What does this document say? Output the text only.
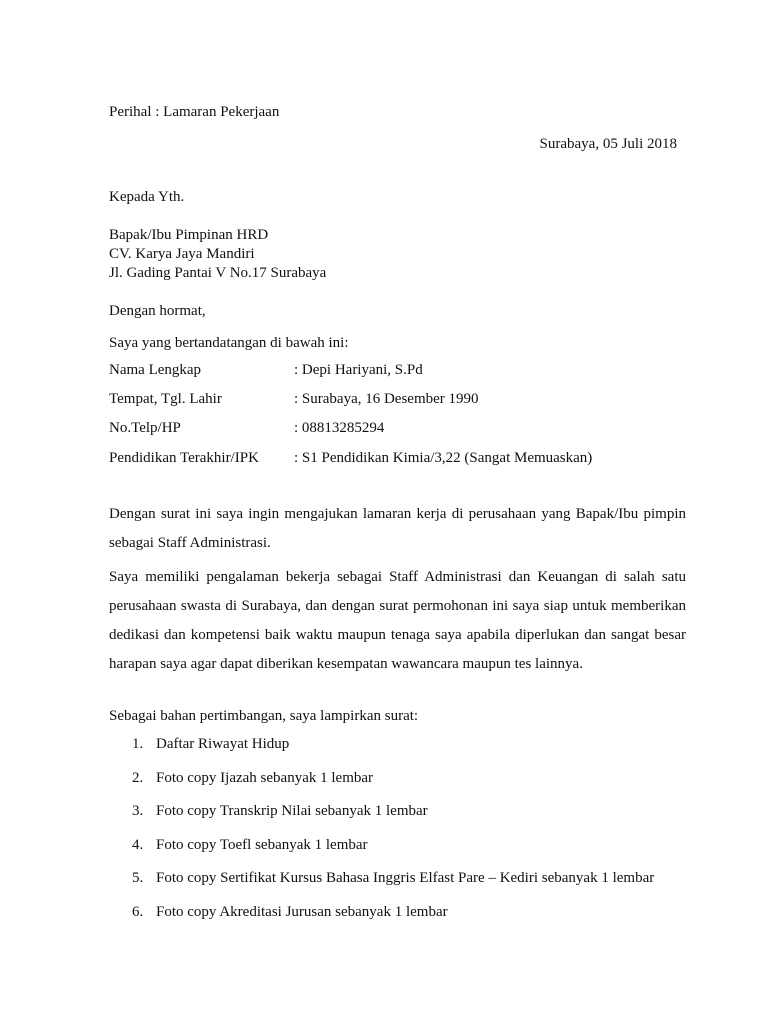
Perihal : Lamaran Pekerjaan
Surabaya, 05 Juli 2018
Kepada Yth.
Bapak/Ibu Pimpinan HRD
CV. Karya Jaya Mandiri
Jl. Gading Pantai V No.17 Surabaya
Dengan hormat,
Saya yang bertandatangan di bawah ini:
Nama Lengkap	: Depi Hariyani, S.Pd
Tempat, Tgl. Lahir	: Surabaya, 16 Desember 1990
No.Telp/HP	: 08813285294
Pendidikan Terakhir/IPK : S1 Pendidikan Kimia/3,22 (Sangat Memuaskan)
Dengan surat ini saya ingin mengajukan lamaran kerja di perusahaan yang Bapak/Ibu pimpin sebagai Staff Administrasi.
Saya memiliki pengalaman bekerja sebagai Staff Administrasi dan Keuangan di salah satu perusahaan swasta di Surabaya, dan dengan surat permohonan ini saya siap untuk memberikan dedikasi dan kompetensi baik waktu maupun tenaga saya apabila diperlukan dan sangat besar harapan saya agar dapat diberikan kesempatan wawancara maupun tes lainnya.
Sebagai bahan pertimbangan, saya lampirkan surat:
1. Daftar Riwayat Hidup
2. Foto copy Ijazah sebanyak 1 lembar
3. Foto copy Transkrip Nilai sebanyak 1 lembar
4. Foto copy Toefl sebanyak 1 lembar
5. Foto copy Sertifikat Kursus Bahasa Inggris Elfast Pare – Kediri sebanyak 1 lembar
6. Foto copy Akreditasi Jurusan sebanyak 1 lembar
